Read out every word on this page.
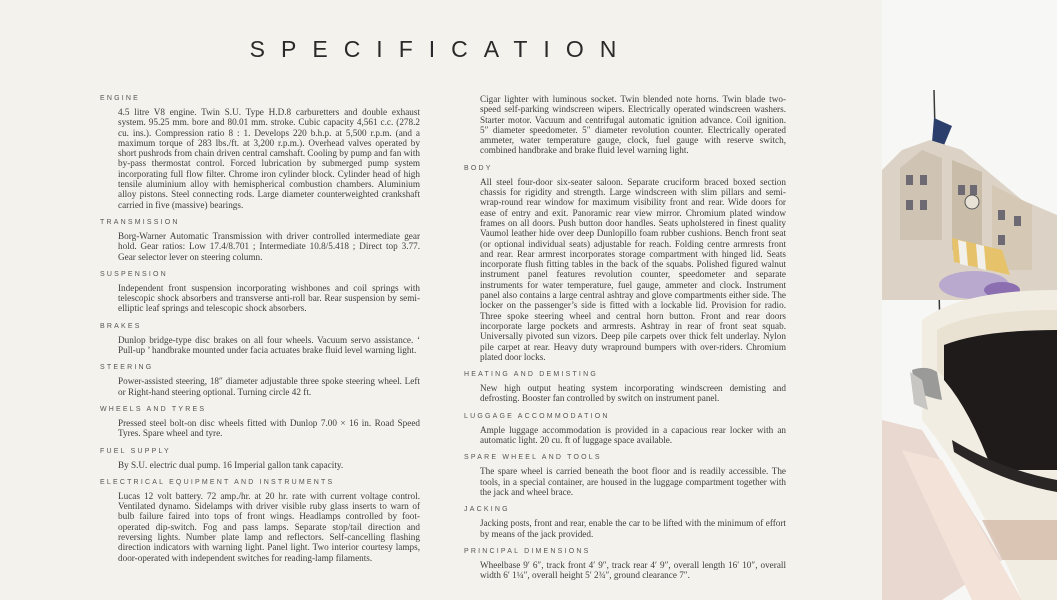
SPECIFICATION
ENGINE
4.5 litre V8 engine. Twin S.U. Type H.D.8 carburetters and double exhaust system. 95.25 mm. bore and 80.01 mm. stroke. Cubic capacity 4,561 c.c. (278.2 cu. ins.). Compression ratio 8 : 1. Develops 220 b.h.p. at 5,500 r.p.m. (and a maximum torque of 283 lbs./ft. at 3,200 r.p.m.). Overhead valves operated by short pushrods from chain driven central camshaft. Cooling by pump and fan with by-pass thermostat control. Forced lubrication by submerged pump system incorporating full flow filter. Chrome iron cylinder block. Cylinder head of high tensile aluminium alloy with hemispherical combustion chambers. Aluminium alloy pistons. Steel connecting rods. Large diameter counterweighted crankshaft carried in five (massive) bearings.
TRANSMISSION
Borg-Warner Automatic Transmission with driver controlled intermediate gear hold. Gear ratios: Low 17.4/8.701 ; Intermediate 10.8/5.418 ; Direct top 3.77. Gear selector lever on steering column.
SUSPENSION
Independent front suspension incorporating wishbones and coil springs with telescopic shock absorbers and transverse anti-roll bar. Rear suspension by semi-elliptic leaf springs and telescopic shock absorbers.
BRAKES
Dunlop bridge-type disc brakes on all four wheels. Vacuum servo assistance. ‘ Pull-up ’ handbrake mounted under facia actuates brake fluid level warning light.
STEERING
Power-assisted steering, 18″ diameter adjustable three spoke steering wheel. Left or Right-hand steering optional. Turning circle 42 ft.
WHEELS AND TYRES
Pressed steel bolt-on disc wheels fitted with Dunlop 7.00 × 16 in. Road Speed Tyres. Spare wheel and tyre.
FUEL SUPPLY
By S.U. electric dual pump. 16 Imperial gallon tank capacity.
ELECTRICAL EQUIPMENT AND INSTRUMENTS
Lucas 12 volt battery. 72 amp./hr. at 20 hr. rate with current voltage control. Ventilated dynamo. Sidelamps with driver visible ruby glass inserts to warn of bulb failure faired into tops of front wings. Headlamps controlled by foot-operated dip-switch. Fog and pass lamps. Separate stop/tail direction and reversing lights. Number plate lamp and reflectors. Self-cancelling flashing direction indicators with warning light. Panel light. Two interior courtesy lamps, door-operated with independent switches for reading-lamp filaments.
Cigar lighter with luminous socket. Twin blended note horns. Twin blade two-speed self-parking windscreen wipers. Electrically operated windscreen washers. Starter motor. Vacuum and centrifugal automatic ignition advance. Coil ignition. 5″ diameter speedometer. 5″ diameter revolution counter. Electrically operated ammeter, water temperature gauge, clock, fuel gauge with reserve switch, combined handbrake and brake fluid level warning light.
BODY
All steel four-door six-seater saloon. Separate cruciform braced boxed section chassis for rigidity and strength. Large windscreen with slim pillars and semi-wrap-round rear window for maximum visibility front and rear. Wide doors for ease of entry and exit. Panoramic rear view mirror. Chromium plated window frames on all doors. Push button door handles. Seats upholstered in finest quality Vaumol leather hide over deep Dunlopillo foam rubber cushions. Bench front seat (or optional individual seats) adjustable for reach. Folding centre armrests front and rear. Rear armrest incorporates storage compartment with hinged lid. Seats incorporate flush fitting tables in the back of the squabs. Polished figured walnut instrument panel features revolution counter, speedometer and separate instruments for water temperature, fuel gauge, ammeter and clock. Instrument panel also contains a large central ashtray and glove compartments either side. The locker on the passenger’s side is fitted with a lockable lid. Provision for radio. Three spoke steering wheel and central horn button. Front and rear doors incorporate large pockets and armrests. Ashtray in rear of front seat squab. Universally pivoted sun vizors. Deep pile carpets over thick felt underlay. Nylon pile carpet at rear. Heavy duty wrapround bumpers with over-riders. Chromium plated door locks.
HEATING AND DEMISTING
New high output heating system incorporating windscreen demisting and defrosting. Booster fan controlled by switch on instrument panel.
LUGGAGE ACCOMMODATION
Ample luggage accommodation is provided in a capacious rear locker with an automatic light. 20 cu. ft of luggage space available.
SPARE WHEEL AND TOOLS
The spare wheel is carried beneath the boot floor and is readily accessible. The tools, in a special container, are housed in the luggage compartment together with the jack and wheel brace.
JACKING
Jacking posts, front and rear, enable the car to be lifted with the minimum of effort by means of the jack provided.
PRINCIPAL DIMENSIONS
Wheelbase 9′ 6″, track front 4′ 9″, track rear 4′ 9″, overall length 16′ 10″, overall width 6′ 1¼″, overall height 5′ 2¾″, ground clearance 7″.
